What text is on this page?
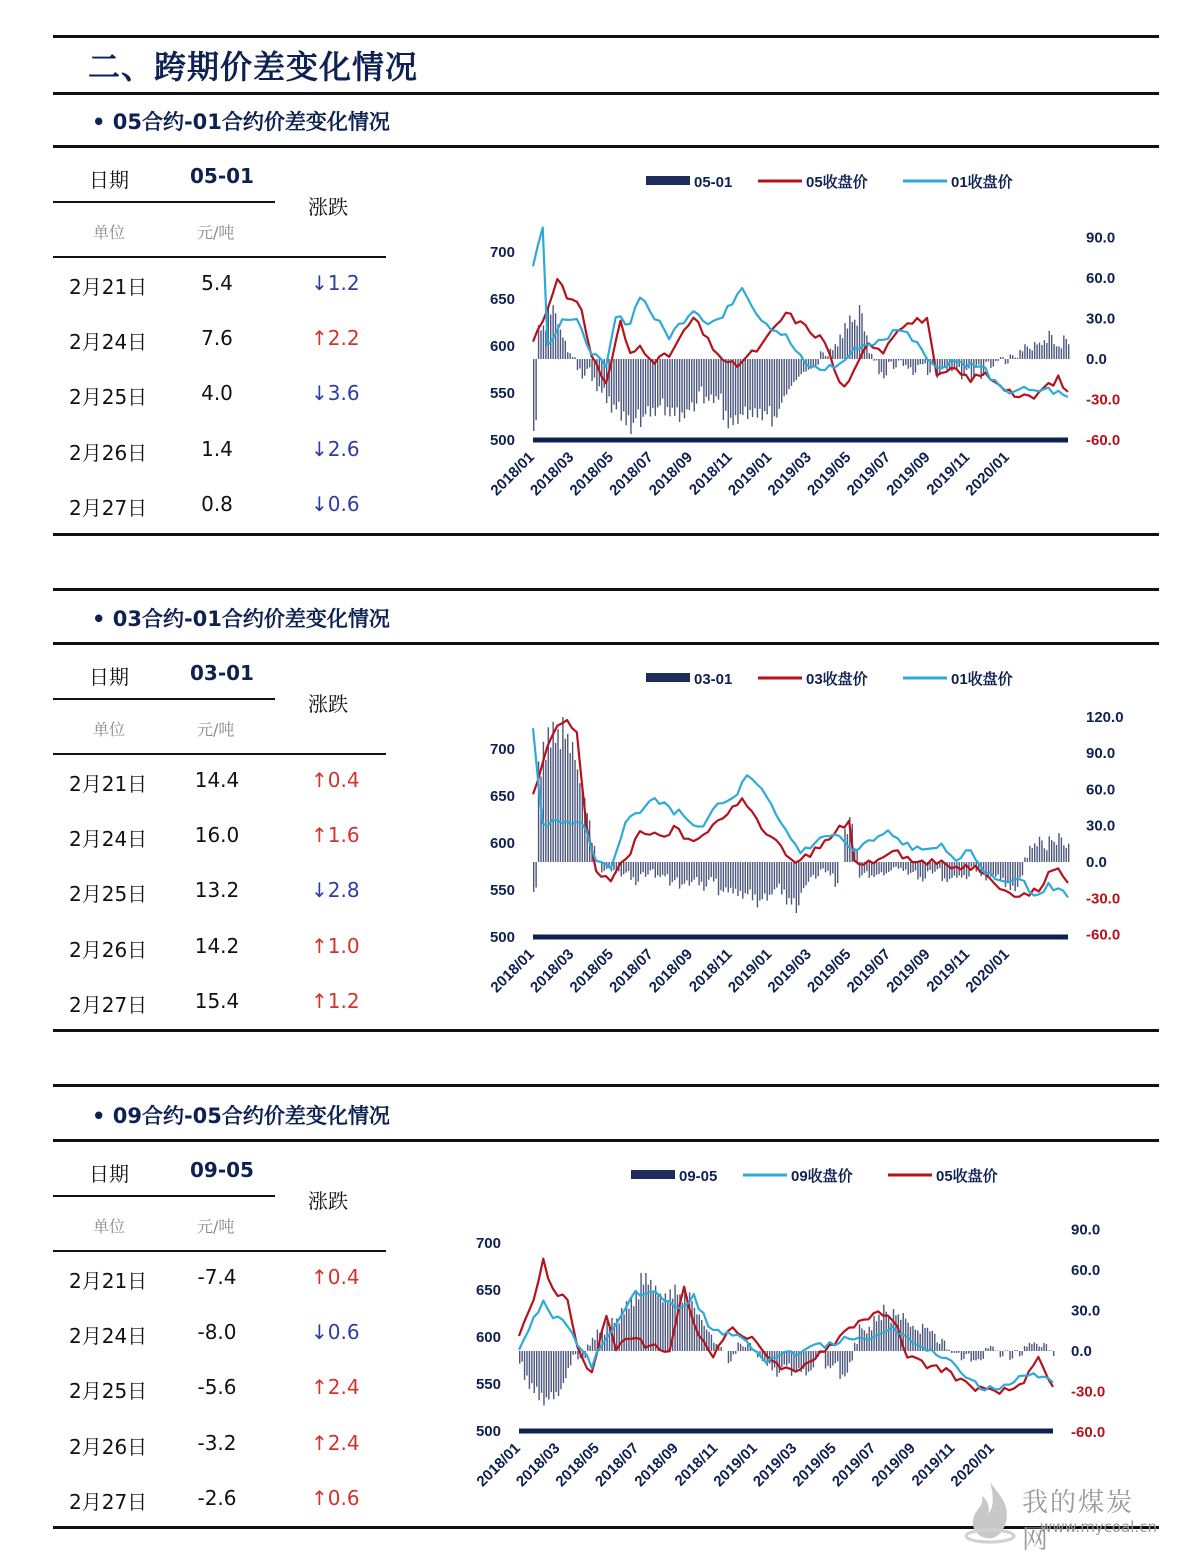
二、跨期价差变化情况
• 05合约-01合约价差变化情况
日期	05-01
涨跌
单位	元/吨
2月21日	5.4	↓1.2
2月24日	7.6	↑2.2
2月25日	4.0	↓3.6
2月26日	1.4	↓2.6
2月27日	0.8	↓0.6
05-01	05收盘价	01收盘价
500
550
600
650
700
90.0
60.0
30.0
0.0
-30.0
-60.0
2018/01
2018/03
2018/05
2018/07
2018/09
2018/11
2019/01
2019/03
2019/05
2019/07
2019/09
2019/11
2020/01
• 03合约-01合约价差变化情况
日期	03-01
涨跌
单位	元/吨
2月21日	14.4	↑0.4
2月24日	16.0	↑1.6
2月25日	13.2	↓2.8
2月26日	14.2	↑1.0
2月27日	15.4	↑1.2
03-01	03收盘价	01收盘价
500
550
600
650
700
120.0
90.0
60.0
30.0
0.0
-30.0
-60.0
2018/01
2018/03
2018/05
2018/07
2018/09
2018/11
2019/01
2019/03
2019/05
2019/07
2019/09
2019/11
2020/01
• 09合约-05合约价差变化情况
日期	09-05
涨跌
单位	元/吨
2月21日	-7.4	↑0.4
2月24日	-8.0	↓0.6
2月25日	-5.6	↑2.4
2月26日	-3.2	↑2.4
2月27日	-2.6	↑0.6
09-05	09收盘价	05收盘价
500
550
600
650
700
90.0
60.0
30.0
0.0
-30.0
-60.0
2018/01
2018/03
2018/05
2018/07
2018/09
2018/11
2019/01
2019/03
2019/05
2019/07
2019/09
2019/11
2020/01
我的煤炭网
www.mycoal.cn
